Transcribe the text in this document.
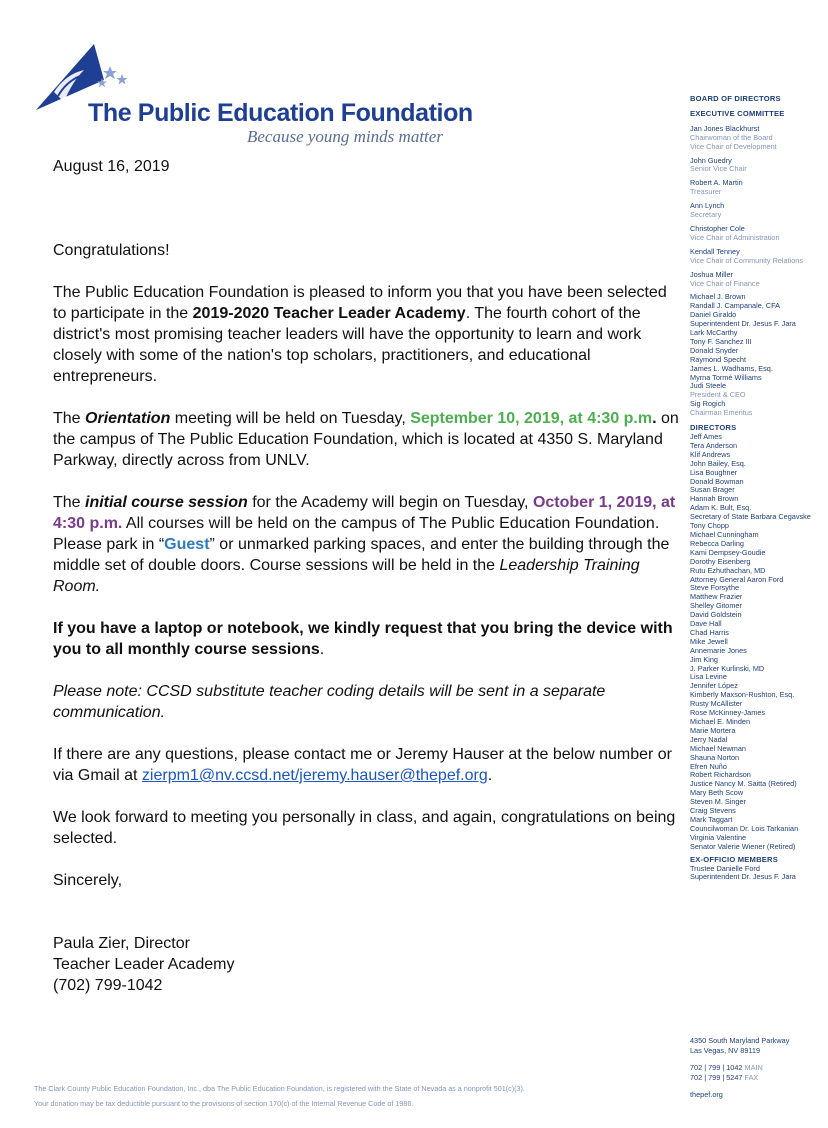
The Public Education Foundation
Because young minds matter

August 16, 2019

Congratulations!

The Public Education Foundation is pleased to inform you that you have been selected to participate in the 2019-2020 Teacher Leader Academy. The fourth cohort of the district's most promising teacher leaders will have the opportunity to learn and work closely with some of the nation's top scholars, practitioners, and educational entrepreneurs.

The Orientation meeting will be held on Tuesday, September 10, 2019, at 4:30 p.m. on the campus of The Public Education Foundation, which is located at 4350 S. Maryland Parkway, directly across from UNLV.

The initial course session for the Academy will begin on Tuesday, October 1, 2019, at 4:30 p.m. All courses will be held on the campus of The Public Education Foundation. Please park in “Guest” or unmarked parking spaces, and enter the building through the middle set of double doors. Course sessions will be held in the Leadership Training Room.

If you have a laptop or notebook, we kindly request that you bring the device with you to all monthly course sessions.

Please note: CCSD substitute teacher coding details will be sent in a separate communication.

If there are any questions, please contact me or Jeremy Hauser at the below number or via Gmail at zierpm1@nv.ccsd.net/jeremy.hauser@thepef.org.

We look forward to meeting you personally in class, and again, congratulations on being selected.

Sincerely,

Paula Zier, Director

Teacher Leader Academy

(702) 799-1042

BOARD OF DIRECTORS
EXECUTIVE COMMITTEE
Jan Jones Blackhurst
Chairwoman of the Board
Vice Chair of Development
John Guedry
Senior Vice Chair
Robert A. Martin
Treasurer
Ann Lynch
Secretary
Christopher Cole
Vice Chair of Administration
Kendall Tenney
Vice Chair of Community Relations
Joshua Miller
Vice Chair of Finance
Michael J. Brown
Randall J. Campanale, CFA
Daniel Giraldo
Superintendent Dr. Jesus F. Jara
Lark McCarthy
Tony F. Sanchez III
Donald Snyder
Raymond Specht
James L. Wadhams, Esq.
Myrna Tormé Williams
Judi Steele
President & CEO
Sig Rogich
Chairman Emeritus
DIRECTORS
Jeff Ames
Tera Anderson
Klif Andrews
John Bailey, Esq.
Lisa Boughner
Donald Bowman
Susan Brager
Hannah Brown
Adam K. Bult, Esq.
Secretary of State Barbara Cegavske
Tony Chopp
Michael Cunningham
Rebecca Darling
Kami Dempsey-Goudie
Dorothy Eisenberg
Rutu Ezhuthachan, MD
Attorney General Aaron Ford
Steve Forsythe
Matthew Frazier
Shelley Gitomer
David Goldstein
Dave Hall
Chad Harris
Mike Jewell
Annemarie Jones
Jim King
J. Parker Kurlinski, MD
Lisa Levine
Jennifer López
Kimberly Maxson-Rushton, Esq.
Rusty McAllister
Rose McKinney-James
Michael E. Minden
Marie Mortera
Jerry Nadal
Michael Newman
Shauna Norton
Efren Nuño
Robert Richardson
Justice Nancy M. Saitta (Retired)
Mary Beth Scow
Steven M. Singer
Craig Stevens
Mark Taggart
Councilwoman Dr. Lois Tarkanian
Virginia Valentine
Senator Valerie Wiener (Retired)
EX-OFFICIO MEMBERS
Trustee Danielle Ford
Superintendent Dr. Jesus F. Jara
4350 South Maryland Parkway
Las Vegas, NV 89119
702 | 799 | 1042 MAIN
702 | 799 | 5247 FAX
thepef.org
The Clark County Public Education Foundation, Inc., dba The Public Education Foundation, is registered with the State of Nevada as a nonprofit 501(c)(3).
Your donation may be tax deductible pursuant to the provisions of section 170(c) of the Internal Revenue Code of 1986.
